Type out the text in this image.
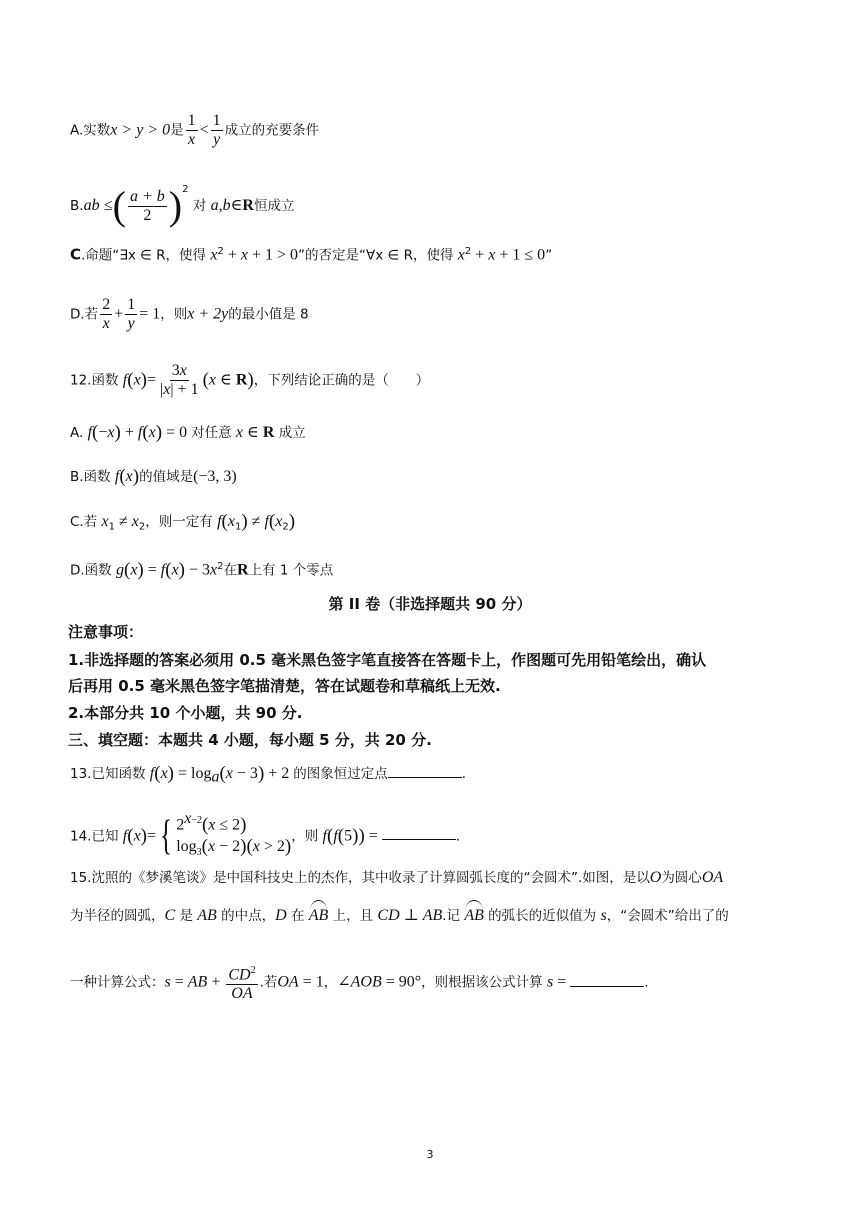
A.实数x > y > 0是 $\frac{1}{x} < \frac{1}{y}$ 成立的充要条件
B.ab ≤( $\frac{a + b}{2} )^2$ 对 a,b∈R恒成立
C.命题“∃x ∈ R，使得 $x^2 + x + 1 > 0$”的否定是“∀x ∈ R，使得 $x^2 + x + 1 \le 0$”
D.若 $\frac{2}{x} + \frac{1}{y} = 1$，则x + 2y的最小值是 8
12.函数 $f(x)= \frac{3x}{|x| + 1} (x$ ∈ R)，下列结论正确的是（　　）
A. f(−x) + f(x) = 0 对任意 x ∈ R 成立
B.函数 f(x)的值域是(−3, 3)
C.若 $x_1 \ne x_2$，则一定有 $f(x_1) \ne f(x_2)$
D.函数 $g(x) = f(x) - 3x^2$在R上有 1 个零点
第 II 卷（非选择题共 90 分）
注意事项：
1.非选择题的答案必须用 0.5 毫米黑色签字笔直接答在答题卡上，作图题可先用铅笔绘出，确认
后再用 0.5 毫米黑色签字笔描清楚，答在试题卷和草稿纸上无效.
2.本部分共 10 个小题，共 90 分.
三、填空题：本题共 4 小题，每小题 5 分，共 20 分.
13.已知函数 $f(x) = \log_a(x - 3) + 2$ 的图象恒过定点	.
14.已知 f(x)={ $2^{x-2}(x \le 2)$
$\log_3(x - 2)(x > 2)$
，则 f(f(5)) =	.
15.沈照的《梦溪笔谈》是中国科技史上的杰作，其中收录了计算圆弧长度的“会圆术”.如图，是以O为圆心OA
为半径的圆弧，C 是 AB 的中点，D 在 AB 上，且 CD ⊥ AB.记 AB 的弧长的近似值为 s，“会圆术”给出了的
一种计算公式：s = AB + $\frac{CD^2}{OA}$ .若OA = 1，∠AOB = 90°，则根据该公式计算 s =	.
3
